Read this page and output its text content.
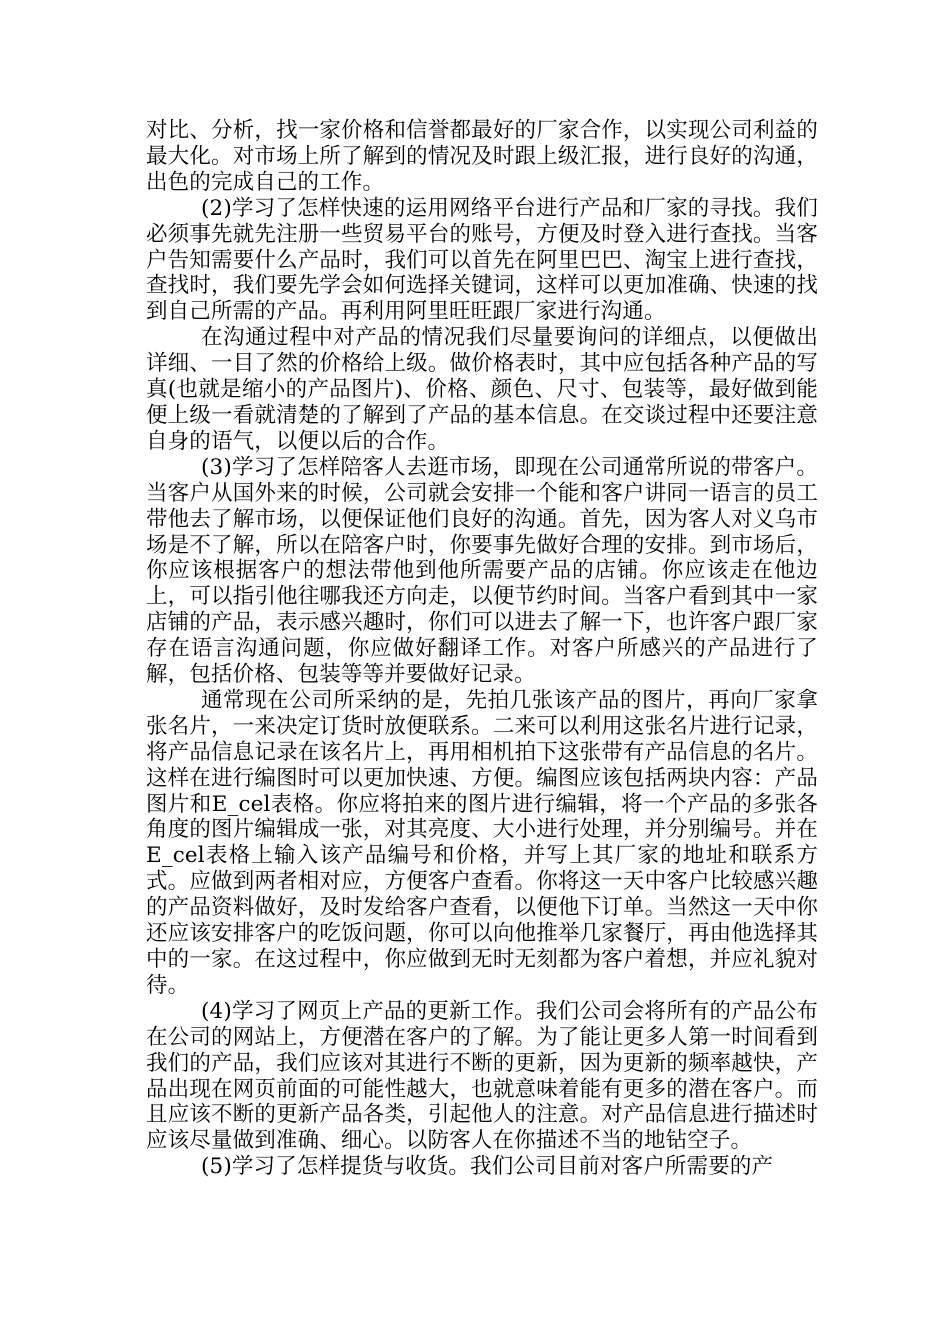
对比、分析，找一家价格和信誉都最好的厂家合作，以实现公司利益的最大化。对市场上所了解到的情况及时跟上级汇报，进行良好的沟通，出色的完成自己的工作。

(2)学习了怎样快速的运用网络平台进行产品和厂家的寻找。我们必须事先就先注册一些贸易平台的账号，方便及时登入进行查找。当客户告知需要什么产品时，我们可以首先在阿里巴巴、淘宝上进行查找，查找时，我们要先学会如何选择关键词，这样可以更加准确、快速的找到自己所需的产品。再利用阿里旺旺跟厂家进行沟通。

在沟通过程中对产品的情况我们尽量要询问的详细点，以便做出详细、一目了然的价格给上级。做价格表时，其中应包括各种产品的写真(也就是缩小的产品图片)、价格、颜色、尺寸、包装等，最好做到能便上级一看就清楚的了解到了产品的基本信息。在交谈过程中还要注意自身的语气，以便以后的合作。

(3)学习了怎样陪客人去逛市场，即现在公司通常所说的带客户。当客户从国外来的时候，公司就会安排一个能和客户讲同一语言的员工带他去了解市场，以便保证他们良好的沟通。首先，因为客人对义乌市场是不了解，所以在陪客户时，你要事先做好合理的安排。到市场后，你应该根据客户的想法带他到他所需要产品的店铺。你应该走在他边上，可以指引他往哪我还方向走，以便节约时间。当客户看到其中一家店铺的产品，表示感兴趣时，你们可以进去了解一下，也许客户跟厂家存在语言沟通问题，你应做好翻译工作。对客户所感兴的产品进行了解，包括价格、包装等等并要做好记录。

通常现在公司所采纳的是，先拍几张该产品的图片，再向厂家拿张名片，一来决定订货时放便联系。二来可以利用这张名片进行记录，将产品信息记录在该名片上，再用相机拍下这张带有产品信息的名片。这样在进行编图时可以更加快速、方便。编图应该包括两块内容：产品图片和E_cel表格。你应将拍来的图片进行编辑，将一个产品的多张各角度的图片编辑成一张，对其亮度、大小进行处理，并分别编号。并在E_cel表格上输入该产品编号和价格，并写上其厂家的地址和联系方式。应做到两者相对应，方便客户查看。你将这一天中客户比较感兴趣的产品资料做好，及时发给客户查看，以便他下订单。当然这一天中你还应该安排客户的吃饭问题，你可以向他推举几家餐厅，再由他选择其中的一家。在这过程中，你应做到无时无刻都为客户着想，并应礼貌对待。

(4)学习了网页上产品的更新工作。我们公司会将所有的产品公布在公司的网站上，方便潜在客户的了解。为了能让更多人第一时间看到我们的产品，我们应该对其进行不断的更新，因为更新的频率越快，产品出现在网页前面的可能性越大，也就意味着能有更多的潜在客户。而且应该不断的更新产品各类，引起他人的注意。对产品信息进行描述时应该尽量做到准确、细心。以防客人在你描述不当的地钻空子。

(5)学习了怎样提货与收货。我们公司目前对客户所需要的产
